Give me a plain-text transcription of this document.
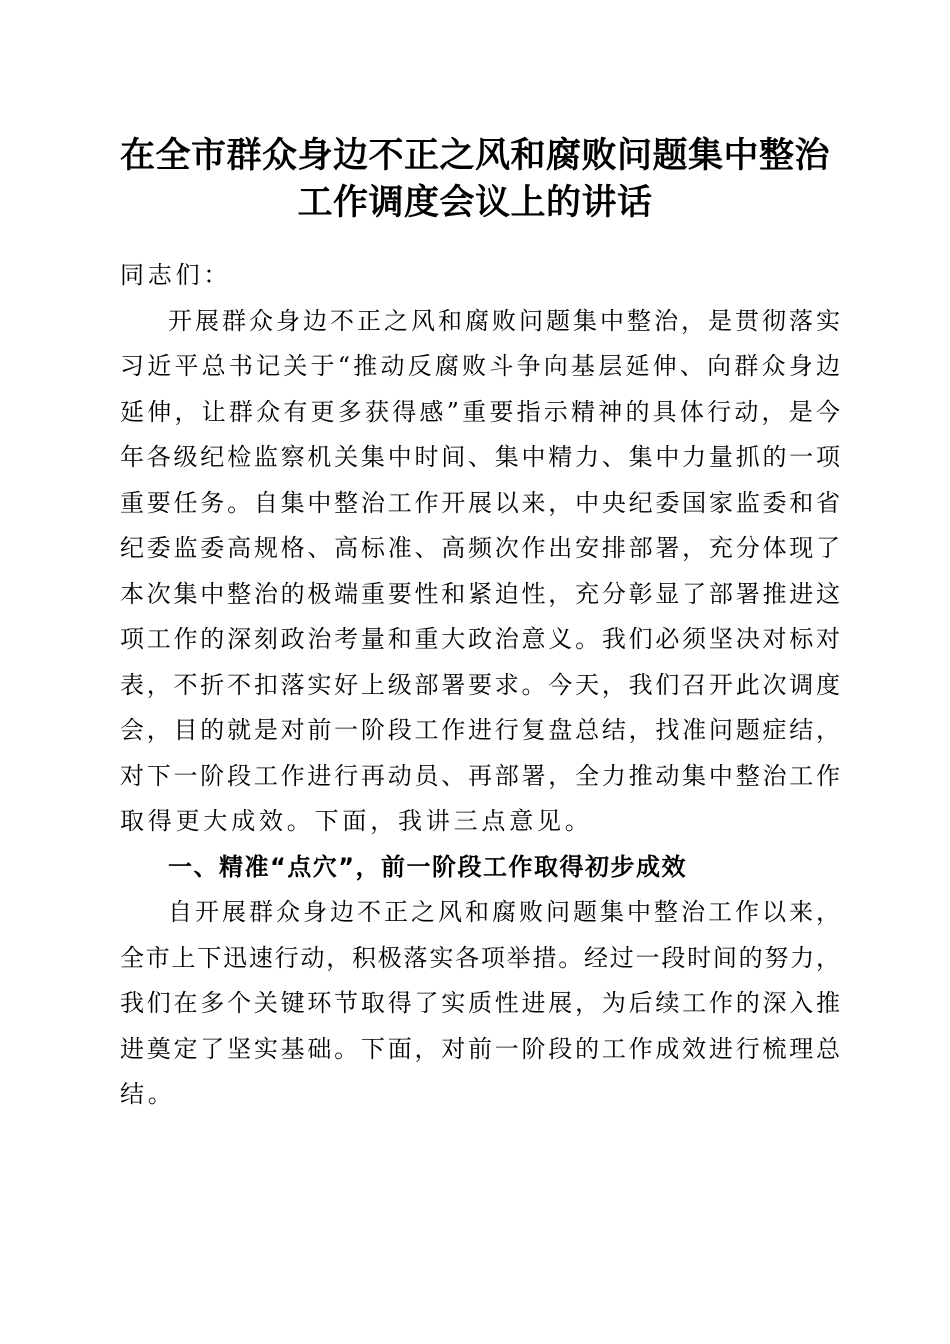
在全市群众身边不正之风和腐败问题集中整治
工作调度会议上的讲话
同志们：
开展群众身边不正之风和腐败问题集中整治，是贯彻落实
习近平总书记关于“推动反腐败斗争向基层延伸、向群众身边
延伸，让群众有更多获得感”重要指示精神的具体行动，是今
年各级纪检监察机关集中时间、集中精力、集中力量抓的一项
重要任务。自集中整治工作开展以来，中央纪委国家监委和省
纪委监委高规格、高标准、高频次作出安排部署，充分体现了
本次集中整治的极端重要性和紧迫性，充分彰显了部署推进这
项工作的深刻政治考量和重大政治意义。我们必须坚决对标对
表，不折不扣落实好上级部署要求。今天，我们召开此次调度
会，目的就是对前一阶段工作进行复盘总结，找准问题症结，
对下一阶段工作进行再动员、再部署，全力推动集中整治工作
取得更大成效。下面，我讲三点意见。
一、精准“点穴”，前一阶段工作取得初步成效
自开展群众身边不正之风和腐败问题集中整治工作以来，
全市上下迅速行动，积极落实各项举措。经过一段时间的努力，
我们在多个关键环节取得了实质性进展，为后续工作的深入推
进奠定了坚实基础。下面，对前一阶段的工作成效进行梳理总
结。
